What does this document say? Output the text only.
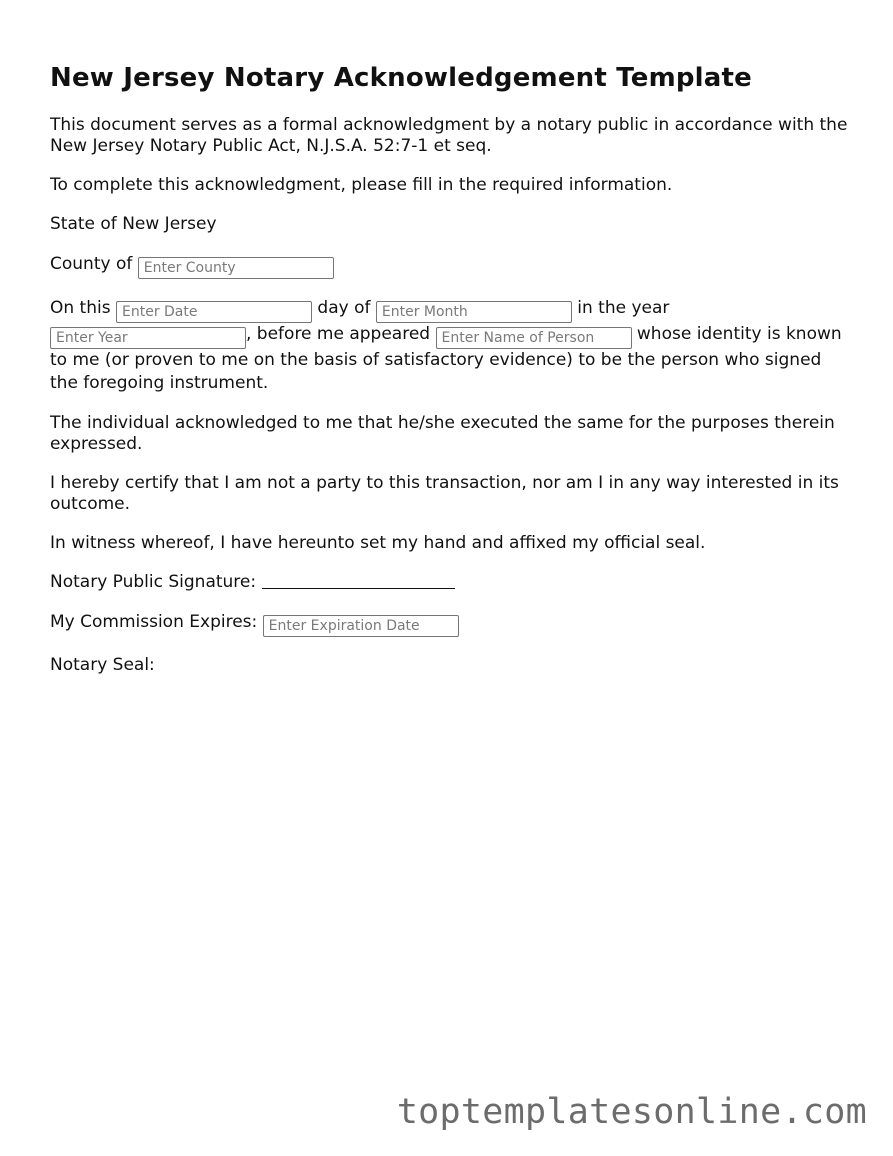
New Jersey Notary Acknowledgement Template

This document serves as a formal acknowledgment by a notary public in accordance with the New Jersey Notary Public Act, N.J.S.A. 52:7-1 et seq.

To complete this acknowledgment, please fill in the required information.

State of New Jersey

County of Enter County

On this Enter Date	day of Enter Month	in the year Enter Year, before me appeared Enter Name of Person	whose identity is known to me (or proven to me on the basis of satisfactory evidence) to be the person who signed the foregoing instrument.

The individual acknowledged to me that he/she executed the same for the purposes therein expressed.

I hereby certify that I am not a party to this transaction, nor am I in any way interested in its outcome.

In witness whereof, I have hereunto set my hand and affixed my official seal.

Notary Public Signature:

My Commission Expires: Enter Expiration Date

Notary Seal:

toptemplatesonline.com
